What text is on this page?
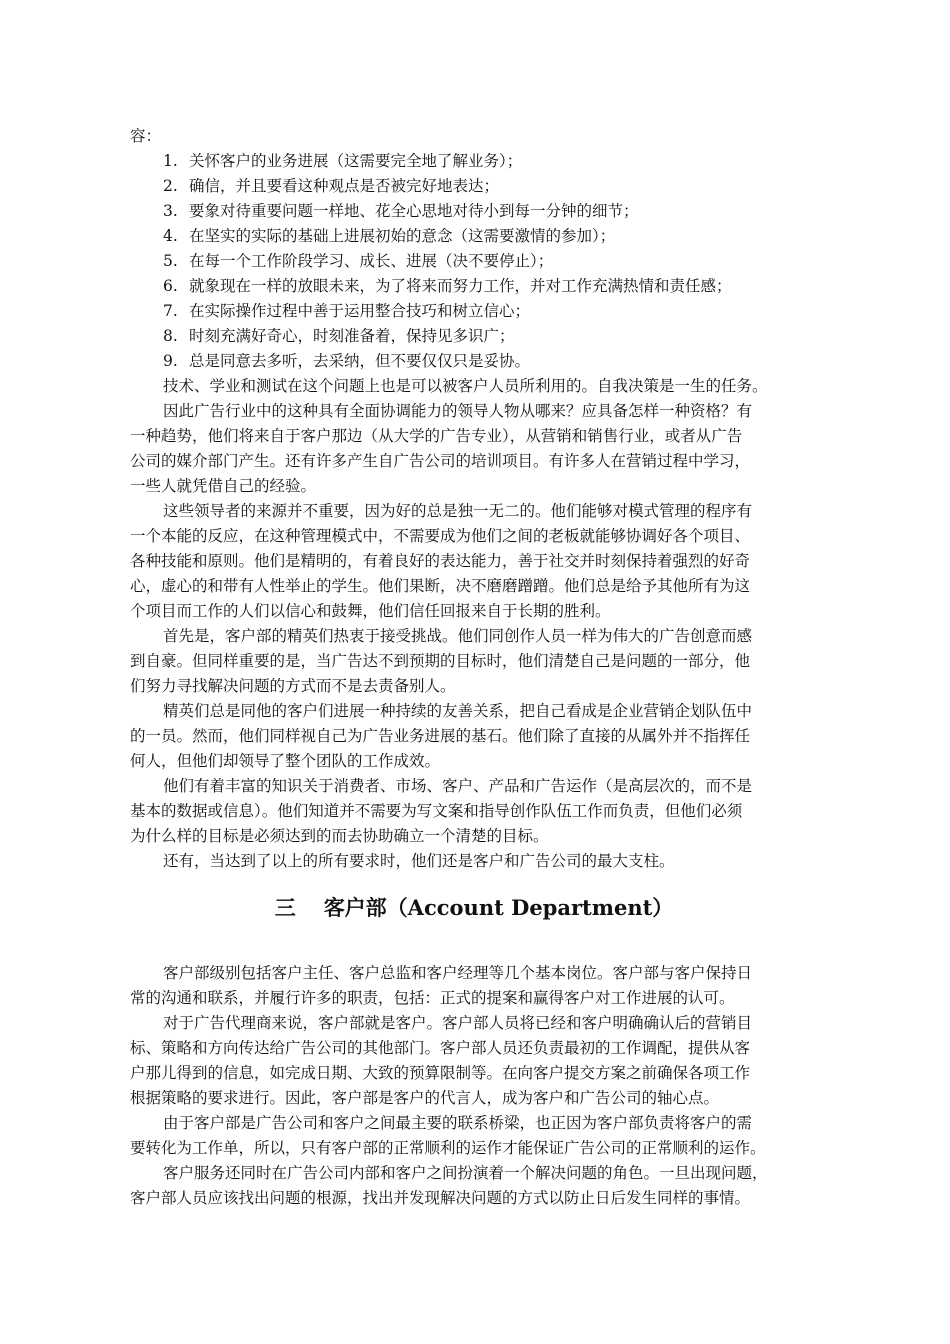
容：
1. 关怀客户的业务进展（这需要完全地了解业务）；
2. 确信，并且要看这种观点是否被完好地表达；
3. 要象对待重要问题一样地、花全心思地对待小到每一分钟的细节；
4. 在坚实的实际的基础上进展初始的意念（这需要激情的参加）；
5. 在每一个工作阶段学习、成长、进展（决不要停止）；
6. 就象现在一样的放眼未来，为了将来而努力工作，并对工作充满热情和责任感；
7. 在实际操作过程中善于运用整合技巧和树立信心；
8. 时刻充满好奇心，时刻准备着，保持见多识广；
9. 总是同意去多听，去采纳，但不要仅仅只是妥协。
技术、学业和测试在这个问题上也是可以被客户人员所利用的。自我决策是一生的任务。
因此广告行业中的这种具有全面协调能力的领导人物从哪来？应具备怎样一种资格？有
一种趋势，他们将来自于客户那边（从大学的广告专业），从营销和销售行业，或者从广告
公司的媒介部门产生。还有许多产生自广告公司的培训项目。有许多人在营销过程中学习，
一些人就凭借自己的经验。
这些领导者的来源并不重要，因为好的总是独一无二的。他们能够对模式管理的程序有
一个本能的反应，在这种管理模式中，不需要成为他们之间的老板就能够协调好各个项目、
各种技能和原则。他们是精明的，有着良好的表达能力，善于社交并时刻保持着强烈的好奇
心，虚心的和带有人性举止的学生。他们果断，决不磨磨蹭蹭。他们总是给予其他所有为这
个项目而工作的人们以信心和鼓舞，他们信任回报来自于长期的胜利。
首先是，客户部的精英们热衷于接受挑战。他们同创作人员一样为伟大的广告创意而感
到自豪。但同样重要的是，当广告达不到预期的目标时，他们清楚自己是问题的一部分，他
们努力寻找解决问题的方式而不是去责备别人。
精英们总是同他的客户们进展一种持续的友善关系，把自己看成是企业营销企划队伍中
的一员。然而，他们同样视自己为广告业务进展的基石。他们除了直接的从属外并不指挥任
何人，但他们却领导了整个团队的工作成效。
他们有着丰富的知识关于消费者、市场、客户、产品和广告运作（是高层次的，而不是
基本的数据或信息）。他们知道并不需要为写文案和指导创作队伍工作而负责，但他们必须
为什么样的目标是必须达到的而去协助确立一个清楚的目标。
还有，当达到了以上的所有要求时，他们还是客户和广告公司的最大支柱。
三 客户部（Account Department）
客户部级别包括客户主任、客户总监和客户经理等几个基本岗位。客户部与客户保持日
常的沟通和联系，并履行许多的职责，包括：正式的提案和赢得客户对工作进展的认可。
对于广告代理商来说，客户部就是客户。客户部人员将已经和客户明确确认后的营销目
标、策略和方向传达给广告公司的其他部门。客户部人员还负责最初的工作调配，提供从客
户那儿得到的信息，如完成日期、大致的预算限制等。在向客户提交方案之前确保各项工作
根据策略的要求进行。因此，客户部是客户的代言人，成为客户和广告公司的轴心点。
由于客户部是广告公司和客户之间最主要的联系桥梁，也正因为客户部负责将客户的需
要转化为工作单，所以，只有客户部的正常顺利的运作才能保证广告公司的正常顺利的运作。
客户服务还同时在广告公司内部和客户之间扮演着一个解决问题的角色。一旦出现问题，
客户部人员应该找出问题的根源，找出并发现解决问题的方式以防止日后发生同样的事情。
